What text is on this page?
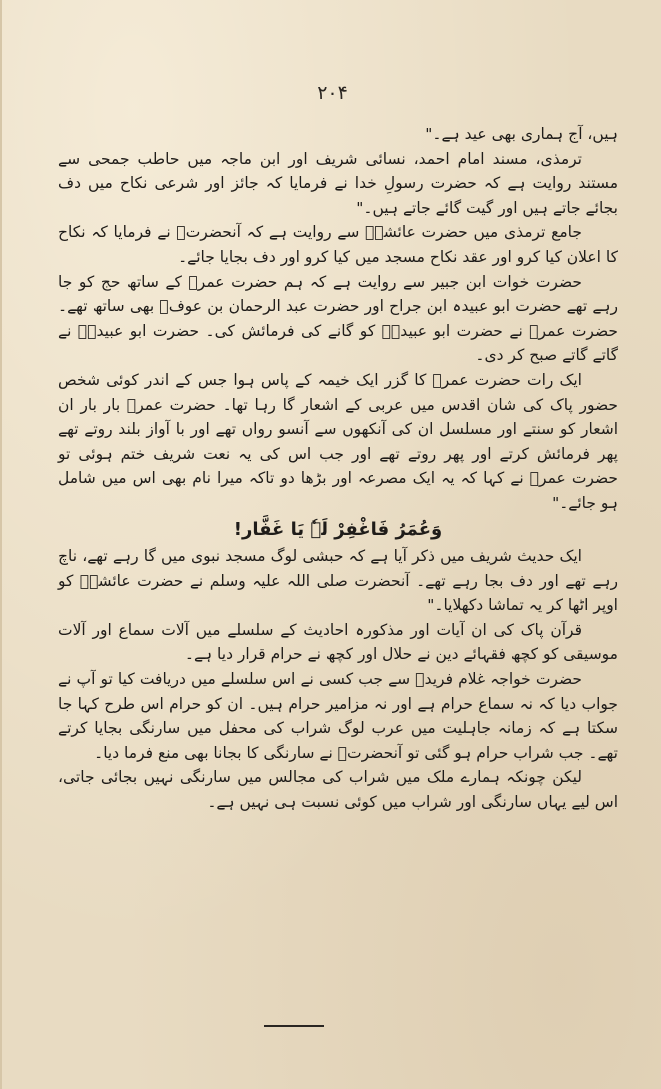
۲۰۴

ہیں، آج ہماری بھی عید ہے۔"

ترمذی، مسند امام احمد، نسائی شریف اور ابن ماجہ میں حاطب جمحی سے مستند روایت ہے کہ حضرت رسولِ خدا نے فرمایا کہ جائز اور شرعی نکاح میں دف بجائے جاتے ہیں اور گیت گائے جاتے ہیں۔"

جامع ترمذی میں حضرت عائشہؓ سے روایت ہے کہ آنحضرتؐ نے فرمایا کہ نکاح کا اعلان کیا کرو اور عقد نکاح مسجد میں کیا کرو اور دف بجایا جائے۔

حضرت خوات ابن جبیر سے روایت ہے کہ ہم حضرت عمرؓ کے ساتھ حج کو جا رہے تھے حضرت ابو عبیدہ ابن جراح اور حضرت عبد الرحمان بن عوفؓ بھی ساتھ تھے۔ حضرت عمرؓ نے حضرت ابو عبیدہؓ کو گانے کی فرمائش کی۔ حضرت ابو عبیدہؓ نے گاتے گاتے صبح کر دی۔

ایک رات حضرت عمرؓ کا گزر ایک خیمہ کے پاس ہوا جس کے اندر کوئی شخص حضور پاک کی شان اقدس میں عربی کے اشعار گا رہا تھا۔ حضرت عمرؓ بار بار ان اشعار کو سنتے اور مسلسل ان کی آنکھوں سے آنسو رواں تھے اور با آواز بلند روتے تھے پھر فرمائش کرتے اور پھر روتے تھے اور جب اس کی یہ نعت شریف ختم ہوئی تو حضرت عمرؓ نے کہا کہ یہ ایک مصرعہ اور بڑھا دو تاکہ میرا نام بھی اس میں شامل ہو جائے۔"

وَعُمَرُ فَاغْفِرْ لَہٗ یَا غَفَّار!

ایک حدیث شریف میں ذکر آیا ہے کہ حبشی لوگ مسجد نبوی میں گا رہے تھے، ناچ رہے تھے اور دف بجا رہے تھے۔ آنحضرت صلی اللہ علیہ وسلم نے حضرت عائشہؓ کو اوپر اٹھا کر یہ تماشا دکھلایا۔"

قرآن پاک کی ان آیات اور مذکورہ احادیث کے سلسلے میں آلات سماع اور آلات موسیقی کو کچھ فقہائے دین نے حلال اور کچھ نے حرام قرار دیا ہے۔

حضرت خواجہ غلام فریدؒ سے جب کسی نے اس سلسلے میں دریافت کیا تو آپ نے جواب دیا کہ نہ سماع حرام ہے اور نہ مزامیر حرام ہیں۔ ان کو حرام اس طرح کہا جا سکتا ہے کہ زمانہ جاہلیت میں عرب لوگ شراب کی محفل میں سارنگی بجایا کرتے تھے۔ جب شراب حرام ہو گئی تو آنحضرتؐ نے سارنگی کا بجانا بھی منع فرما دیا۔

لیکن چونکہ ہمارے ملک میں شراب کی مجالس میں سارنگی نہیں بجائی جاتی، اس لیے یہاں سارنگی اور شراب میں کوئی نسبت ہی نہیں ہے۔
